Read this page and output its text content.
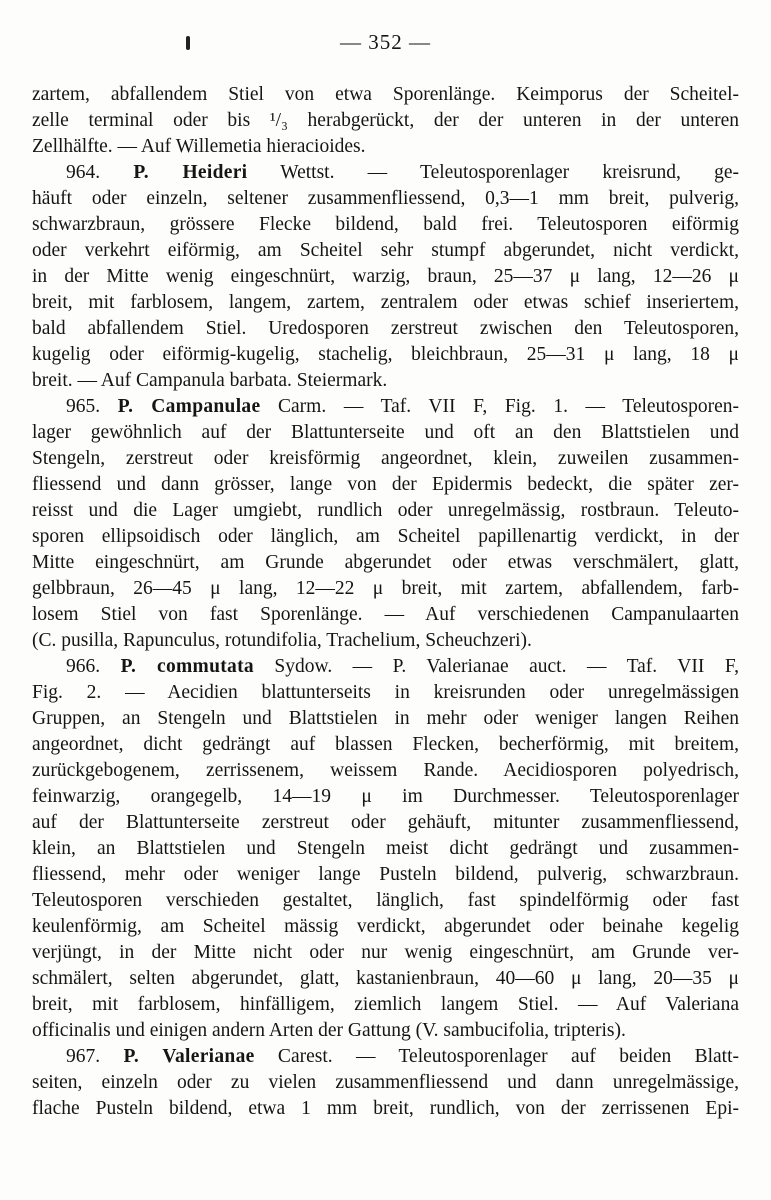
— 352 —
zartem, abfallendem Stiel von etwa Sporenlänge. Keimporus der Scheitel-
zelle terminal oder bis ¹/₃ herabgerückt, der der unteren in der unteren
Zellhälfte. — Auf Willemetia hieracioides.
964. P. Heideri Wettst. — Teleutosporenlager kreisrund, ge-
häuft oder einzeln, seltener zusammenfliessend, 0,3—1 mm breit, pulverig,
schwarzbraun, grössere Flecke bildend, bald frei. Teleutosporen eiförmig
oder verkehrt eiförmig, am Scheitel sehr stumpf abgerundet, nicht verdickt,
in der Mitte wenig eingeschnürt, warzig, braun, 25—37 μ lang, 12—26 μ
breit, mit farblosem, langem, zartem, zentralem oder etwas schief inseriertem,
bald abfallendem Stiel. Uredosporen zerstreut zwischen den Teleutosporen,
kugelig oder eiförmig-kugelig, stachelig, bleichbraun, 25—31 μ lang, 18 μ
breit. — Auf Campanula barbata. Steiermark.
965. P. Campanulae Carm. — Taf. VII F, Fig. 1. — Teleutosporen-
lager gewöhnlich auf der Blattunterseite und oft an den Blattstielen und
Stengeln, zerstreut oder kreisförmig angeordnet, klein, zuweilen zusammen-
fliessend und dann grösser, lange von der Epidermis bedeckt, die später zer-
reisst und die Lager umgiebt, rundlich oder unregelmässig, rostbraun. Teleuto-
sporen ellipsoidisch oder länglich, am Scheitel papillenartig verdickt, in der
Mitte eingeschnürt, am Grunde abgerundet oder etwas verschmälert, glatt,
gelbbraun, 26—45 μ lang, 12—22 μ breit, mit zartem, abfallendem, farb-
losem Stiel von fast Sporenlänge. — Auf verschiedenen Campanulaarten
(C. pusilla, Rapunculus, rotundifolia, Trachelium, Scheuchzeri).
966. P. commutata Sydow. — P. Valerianae auct. — Taf. VII F,
Fig. 2. — Aecidien blattunterseits in kreisrunden oder unregelmässigen
Gruppen, an Stengeln und Blattstielen in mehr oder weniger langen Reihen
angeordnet, dicht gedrängt auf blassen Flecken, becherförmig, mit breitem,
zurückgebogenem, zerrissenem, weissem Rande. Aecidiosporen polyedrisch,
feinwarzig, orangegelb, 14—19 μ im Durchmesser. Teleutosporenlager
auf der Blattunterseite zerstreut oder gehäuft, mitunter zusammenfliessend,
klein, an Blattstielen und Stengeln meist dicht gedrängt und zusammen-
fliessend, mehr oder weniger lange Pusteln bildend, pulverig, schwarzbraun.
Teleutosporen verschieden gestaltet, länglich, fast spindelförmig oder fast
keulenförmig, am Scheitel mässig verdickt, abgerundet oder beinahe kegelig
verjüngt, in der Mitte nicht oder nur wenig eingeschnürt, am Grunde ver-
schmälert, selten abgerundet, glatt, kastanienbraun, 40—60 μ lang, 20—35 μ
breit, mit farblosem, hinfälligem, ziemlich langem Stiel. — Auf Valeriana
officinalis und einigen andern Arten der Gattung (V. sambucifolia, tripteris).
967. P. Valerianae Carest. — Teleutosporenlager auf beiden Blatt-
seiten, einzeln oder zu vielen zusammenfliessend und dann unregelmässige,
flache Pusteln bildend, etwa 1 mm breit, rundlich, von der zerrissenen Epi-
